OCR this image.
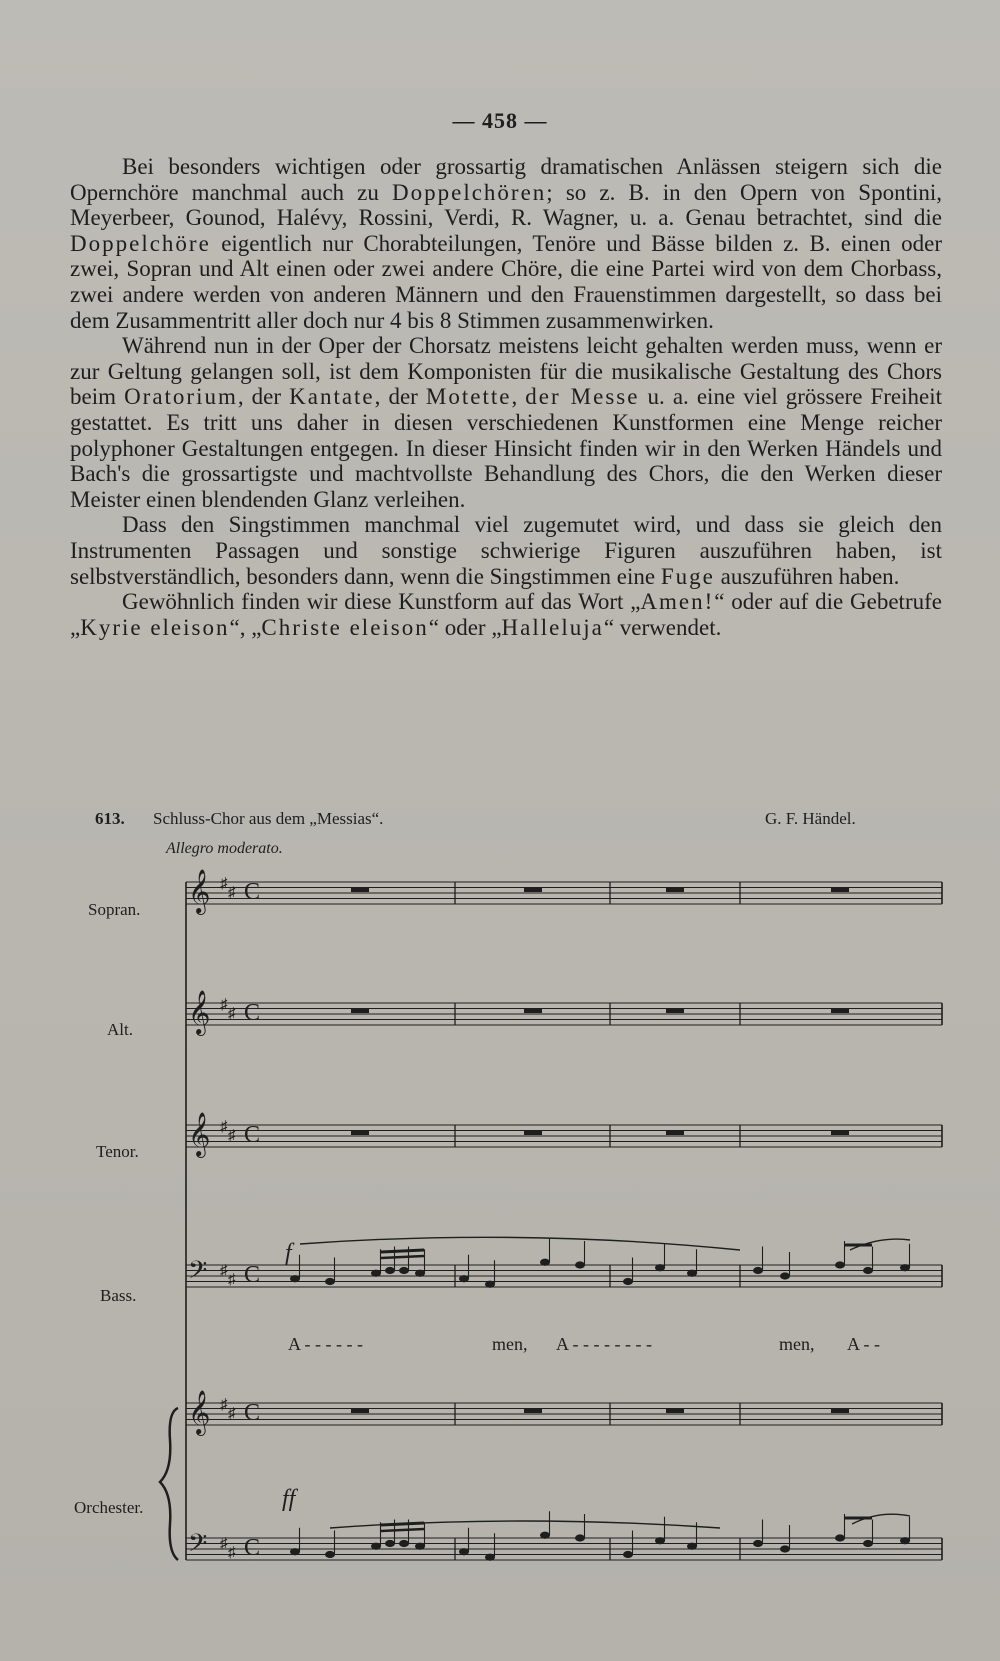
— 458 —

Bei besonders wichtigen oder grossartig dramatischen Anlässen steigern sich die Opernchöre manchmal auch zu Doppelchören; so z. B. in den Opern von Spontini, Meyerbeer, Gounod, Halévy, Rossini, Verdi, R. Wagner, u. a. Genau betrachtet, sind die Doppelchöre eigentlich nur Chorabteilungen, Tenöre und Bässe bilden z. B. einen oder zwei, Sopran und Alt einen oder zwei andere Chöre, die eine Partei wird von dem Chorbass, zwei andere werden von anderen Männern und den Frauenstimmen dargestellt, so dass bei dem Zusammentritt aller doch nur 4 bis 8 Stimmen zusammenwirken.

Während nun in der Oper der Chorsatz meistens leicht gehalten werden muss, wenn er zur Geltung gelangen soll, ist dem Komponisten für die musikalische Gestaltung des Chors beim Oratorium, der Kantate, der Motette, der Messe u. a. eine viel grössere Freiheit gestattet. Es tritt uns daher in diesen verschiedenen Kunstformen eine Menge reicher polyphoner Gestaltungen entgegen. In dieser Hinsicht finden wir in den Werken Händels und Bach's die grossartigste und machtvollste Behandlung des Chors, die den Werken dieser Meister einen blendenden Glanz verleihen.

Dass den Singstimmen manchmal viel zugemutet wird, und dass sie gleich den Instrumenten Passagen und sonstige schwierige Figuren auszuführen haben, ist selbstverständlich, besonders dann, wenn die Singstimmen eine Fuge auszuführen haben.

Gewöhnlich finden wir diese Kunstform auf das Wort „Amen!“ oder auf die Gebetrufe „Kyrie eleison“, „Christe eleison“ oder „Halleluja“ verwendet.

613. Schluss-Chor aus dem „Messias“.	G. F. Händel.
Allegro moderato.
Sopran.
Alt.
Tenor.
Bass.
Orchester.
𝄞 ♯
♯ C
𝄞 ♯
♯ C
𝄞 ♯
♯ C
𝄢 ♯
♯ C
𝄞 ♯
♯ C
𝄢 ♯
♯ C
f
ff

A - - - - - -

	men,

A - - - - - - - -

	men,

A - -
